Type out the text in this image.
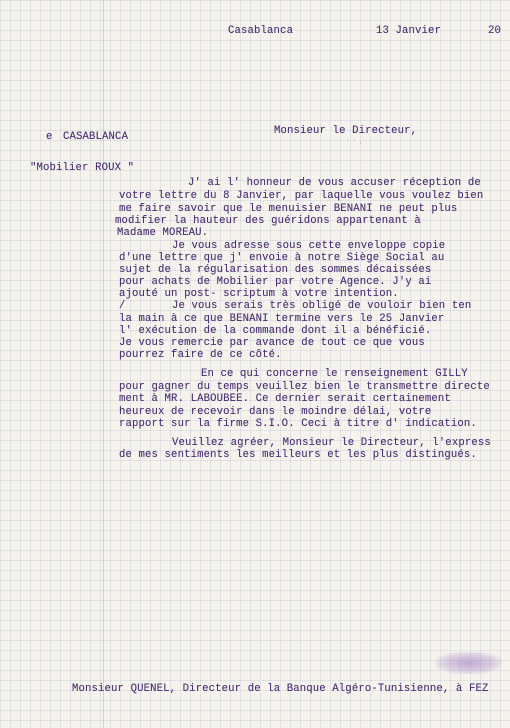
Casablanca	13 Janvier	20
e CASABLANCA	Monsieur le Directeur,
˙ ˙ ·
"Mobilier ROUX "
J' ai l' honneur de vous accuser réception de
votre lettre du 8 Janvier, par laquelle vous voulez bien
me faire savoir que le menuisier BENANI ne peut plus
modifier la hauteur des guéridons appartenant à
Madame MOREAU.
Je vous adresse sous cette enveloppe copie
d'une lettre que j' envoie à notre Siège Social au
sujet de la régularisation des sommes décaissées
pour achats de Mobilier par votre Agence. J'y ai
ajouté un post- scriptum à votre intention.
/	Je vous serais très obligé de vouloir bien ten
la main à ce que BENANI termine vers le 25 Janvier
l' exécution de la commande dont il a bénéficié.
Je vous remercie par avance de tout ce que vous
pourrez faire de ce côté.
En ce qui concerne le renseignement GILLY
pour gagner du temps veuillez bien le transmettre directe
ment à MR. LABOUBEE. Ce dernier serait certainement
heureux de recevoir dans le moindre délai, votre
rapport sur la firme S.I.O. Ceci à titre d' indication.
Veuillez agréer, Monsieur le Directeur, l'express
de mes sentiments les meilleurs et les plus distingués.
Monsieur QUENEL, Directeur de la Banque Algéro-Tunisienne, à FEZ
